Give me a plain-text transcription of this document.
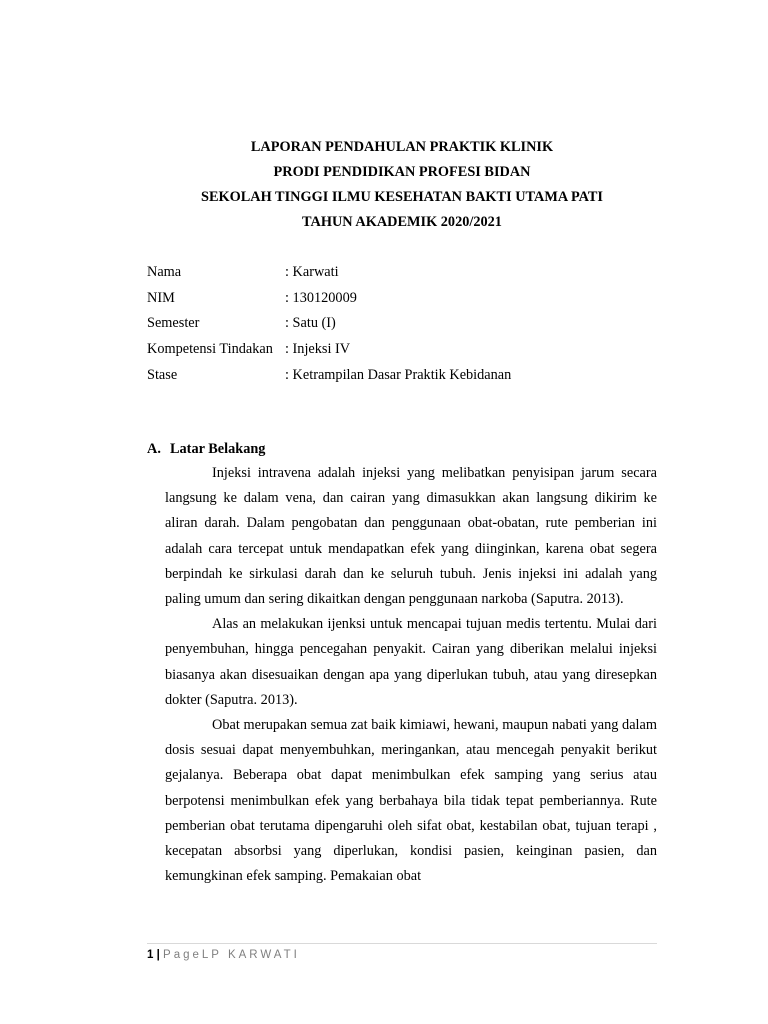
LAPORAN PENDAHULAN PRAKTIK KLINIK
PRODI PENDIDIKAN PROFESI BIDAN
SEKOLAH TINGGI ILMU KESEHATAN BAKTI UTAMA PATI
TAHUN AKADEMIK 2020/2021
Nama	: Karwati
NIM	: 130120009
Semester	: Satu (I)
Kompetensi Tindakan : Injeksi IV
Stase	: Ketrampilan Dasar Praktik Kebidanan
A. Latar Belakang

Injeksi intravena adalah injeksi yang melibatkan penyisipan jarum secara langsung ke dalam vena, dan cairan yang dimasukkan akan langsung dikirim ke aliran darah. Dalam pengobatan dan penggunaan obat-obatan, rute pemberian ini adalah cara tercepat untuk mendapatkan efek yang diinginkan, karena obat segera berpindah ke sirkulasi darah dan ke seluruh tubuh. Jenis injeksi ini adalah yang paling umum dan sering dikaitkan dengan penggunaan narkoba (Saputra. 2013).

Alas an melakukan ijenksi untuk mencapai tujuan medis tertentu. Mulai dari penyembuhan, hingga pencegahan penyakit. Cairan yang diberikan melalui injeksi biasanya akan disesuaikan dengan apa yang diperlukan tubuh, atau yang diresepkan dokter (Saputra. 2013).

Obat merupakan semua zat baik kimiawi, hewani, maupun nabati yang dalam dosis sesuai dapat menyembuhkan, meringankan, atau mencegah penyakit berikut gejalanya. Beberapa obat dapat menimbulkan efek samping yang serius atau berpotensi menimbulkan efek yang berbahaya bila tidak tepat pemberiannya. Rute pemberian obat terutama dipengaruhi oleh sifat obat, kestabilan obat, tujuan terapi , kecepatan absorbsi yang diperlukan, kondisi pasien, keinginan pasien, dan kemungkinan efek samping. Pemakaian obat

1 | PageLP KARWATI
